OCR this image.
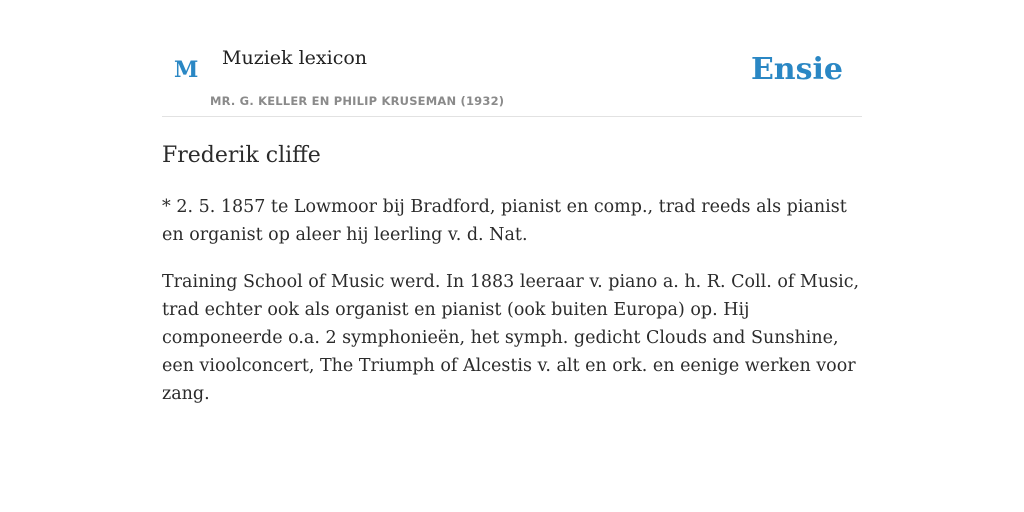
M Muziek lexicon
MR. G. KELLER EN PHILIP KRUSEMAN (1932)
Ensie
Frederik cliffe

* 2. 5. 1857 te Lowmoor bij Bradford, pianist en comp., trad reeds als pianist en organist op aleer hij leerling v. d. Nat.

Training School of Music werd. In 1883 leeraar v. piano a. h. R. Coll. of Music, trad echter ook als organist en pianist (ook buiten Europa) op. Hij componeerde o.a. 2 symphonieën, het symph. gedicht Clouds and Sunshine, een vioolconcert, The Triumph of Alcestis v. alt en ork. en eenige werken voor zang.
